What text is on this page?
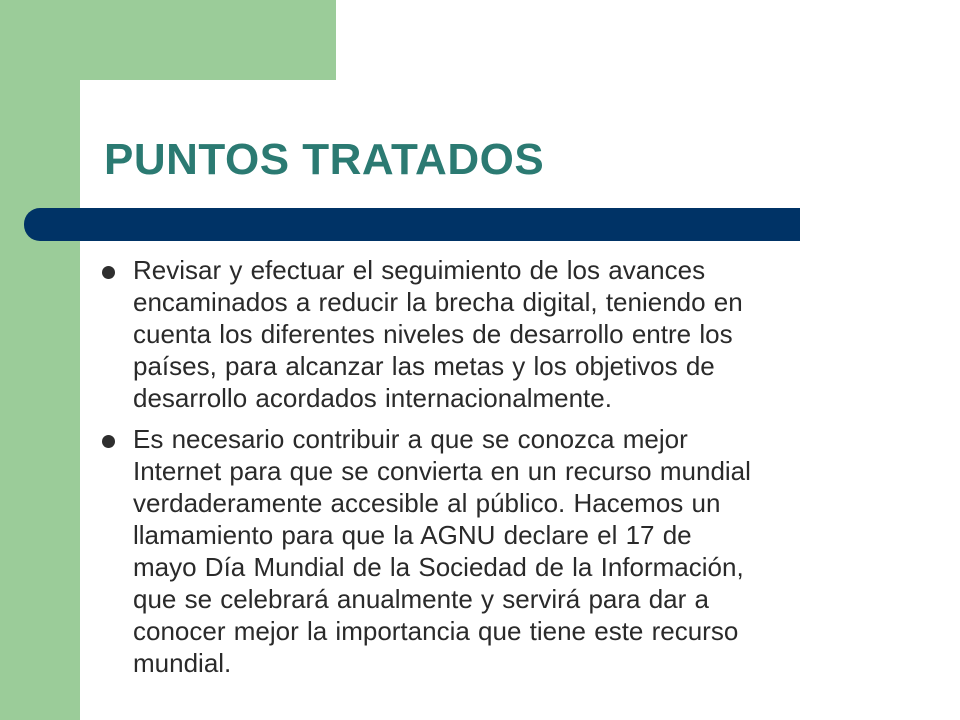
PUNTOS TRATADOS
Revisar y efectuar el seguimiento de los avances
encaminados a reducir la brecha digital, teniendo en
cuenta los diferentes niveles de desarrollo entre los
países, para alcanzar las metas y los objetivos de
desarrollo acordados internacionalmente.
Es necesario contribuir a que se conozca mejor
Internet para que se convierta en un recurso mundial
verdaderamente accesible al público. Hacemos un
llamamiento para que la AGNU declare el 17 de
mayo Día Mundial de la Sociedad de la Información,
que se celebrará anualmente y servirá para dar a
conocer mejor la importancia que tiene este recurso
mundial.
